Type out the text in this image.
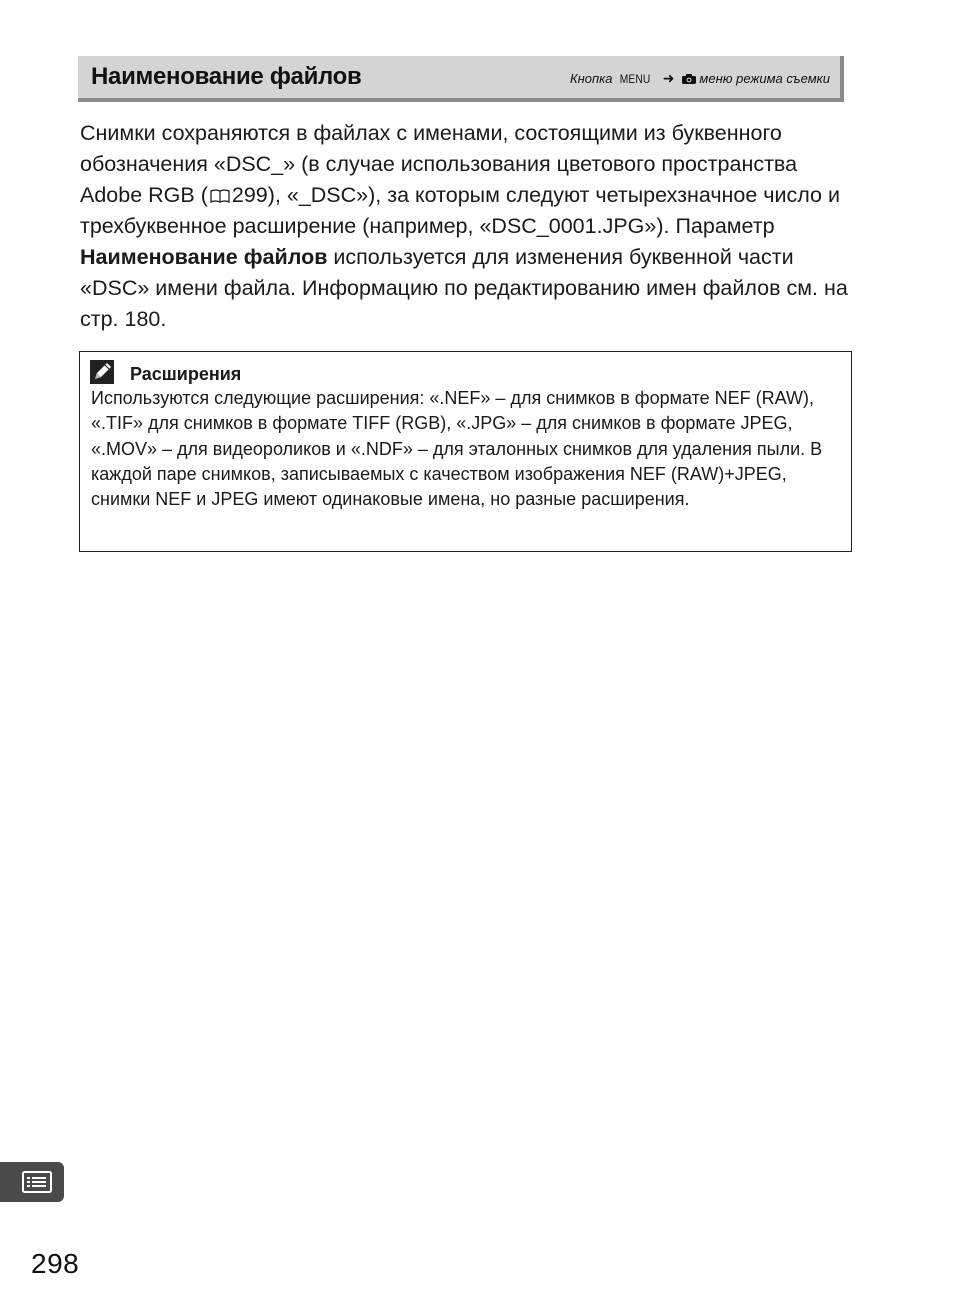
Наименование файлов	Кнопка MENU ➜ меню режима съемки
Снимки сохраняются в файлах с именами, состоящими из буквенного обозначения «DSC_» (в случае использования цветового пространства Adobe RGB ( 299), «_DSC»), за которым следуют четырехзначное число и трехбуквенное расширение (например, «DSC_0001.JPG»). Параметр Наименование файлов используется для изменения буквенной части «DSC» имени файла. Информацию по редактированию имен файлов см. на стр. 180.
Расширения
Используются следующие расширения: «.NEF» – для снимков в формате NEF (RAW), «.TIF» для снимков в формате TIFF (RGB), «.JPG» – для снимков в формате JPEG, «.MOV» – для видеороликов и «.NDF» – для эталонных снимков для удаления пыли. В каждой паре снимков, записываемых с качеством изображения NEF (RAW)+JPEG, снимки NEF и JPEG имеют одинаковые имена, но разные расширения.
298
